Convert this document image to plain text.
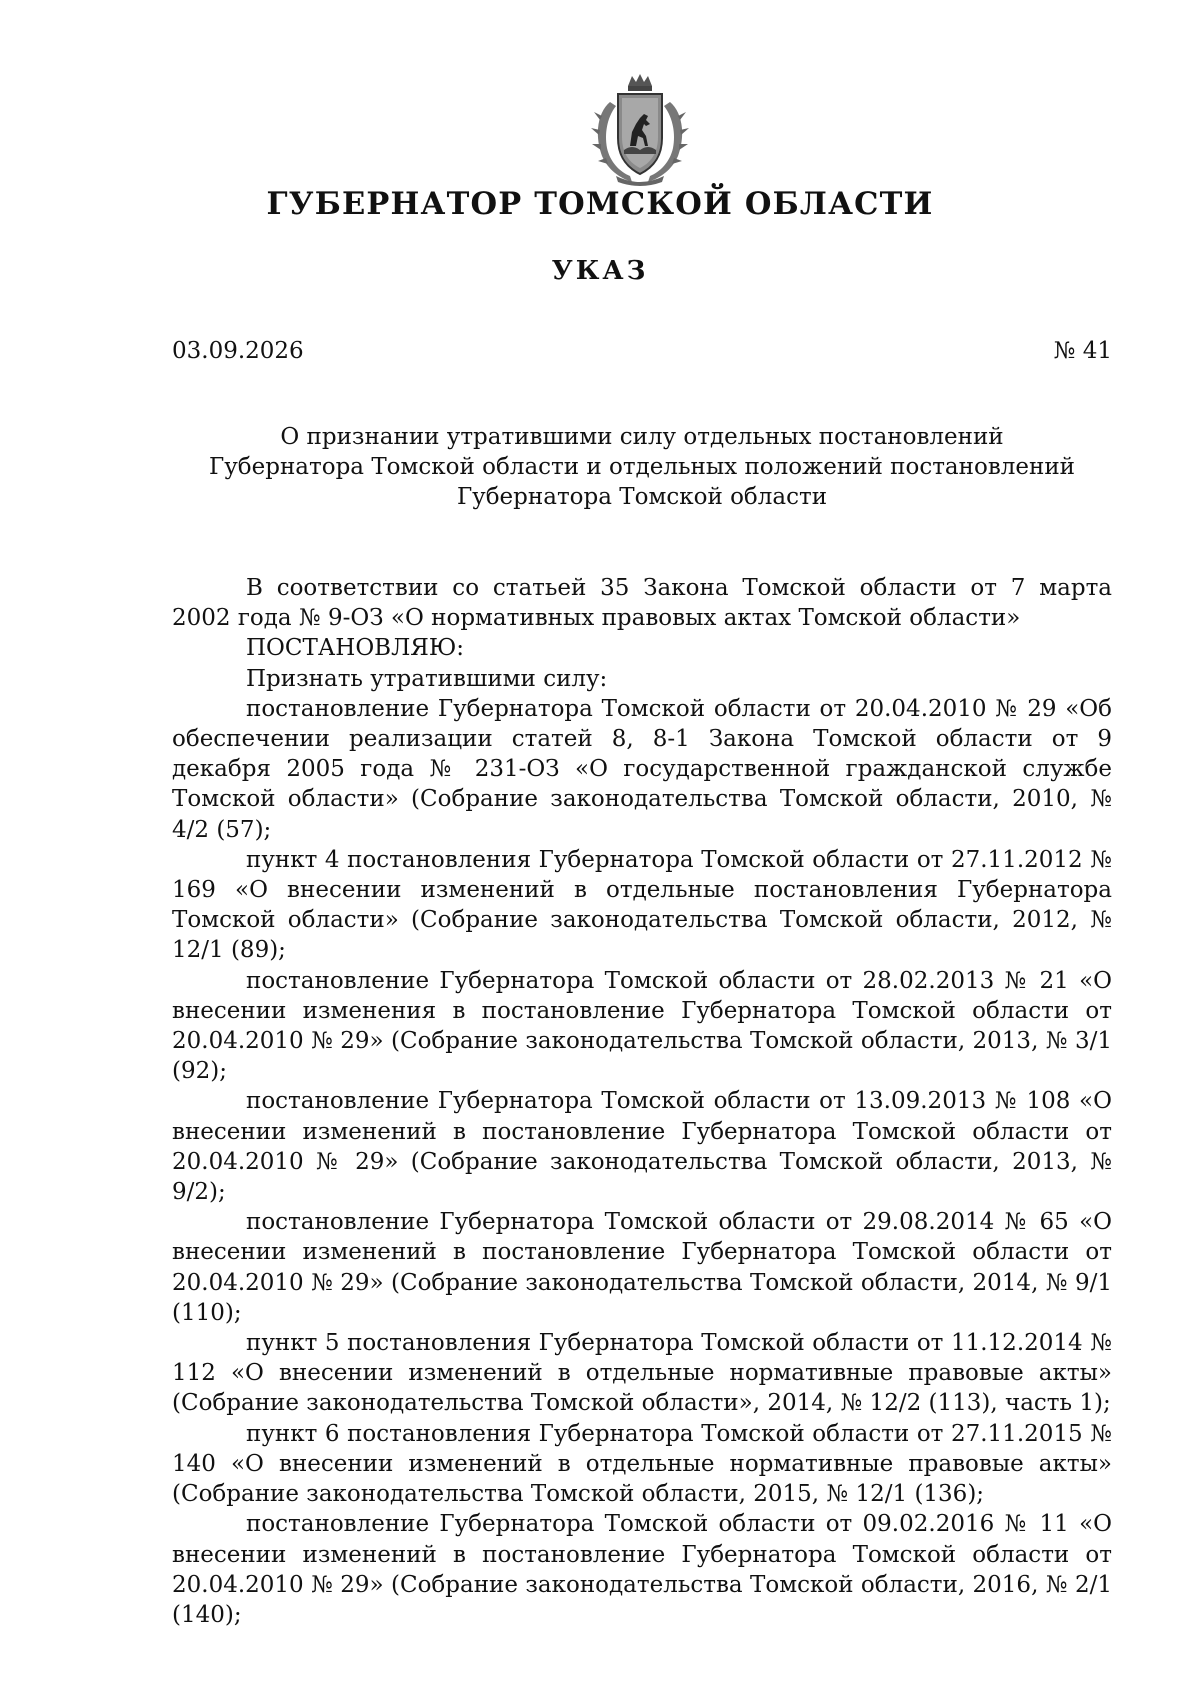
ГУБЕРНАТОР ТОМСКОЙ ОБЛАСТИ
УКАЗ
03.09.2026	№ 41
О признании утратившими силу отдельных постановлений
Губернатора Томской области и отдельных положений постановлений
Губернатора Томской области

В соответствии со статьей 35 Закона Томской области от 7 марта 2002 года № 9-ОЗ «О нормативных правовых актах Томской области»

ПОСТАНОВЛЯЮ:

Признать утратившими силу:

постановление Губернатора Томской области от 20.04.2010 № 29 «Об обеспечении реализации статей 8, 8-1 Закона Томской области от 9 декабря 2005 года № 231-ОЗ «О государственной гражданской службе Томской области» (Собрание законодательства Томской области, 2010, № 4/2 (57);

пункт 4 постановления Губернатора Томской области от 27.11.2012 № 169 «О внесении изменений в отдельные постановления Губернатора Томской области» (Собрание законодательства Томской области, 2012, № 12/1 (89);

постановление Губернатора Томской области от 28.02.2013 № 21 «О внесении изменения в постановление Губернатора Томской области от 20.04.2010 № 29» (Собрание законодательства Томской области, 2013, № 3/1 (92);

постановление Губернатора Томской области от 13.09.2013 № 108 «О внесении изменений в постановление Губернатора Томской области от 20.04.2010 № 29» (Собрание законодательства Томской области, 2013, № 9/2);

постановление Губернатора Томской области от 29.08.2014 № 65 «О внесении изменений в постановление Губернатора Томской области от 20.04.2010 № 29» (Собрание законодательства Томской области, 2014, № 9/1 (110);

пункт 5 постановления Губернатора Томской области от 11.12.2014 № 112 «О внесении изменений в отдельные нормативные правовые акты» (Собрание законодательства Томской области», 2014, № 12/2 (113), часть 1);

пункт 6 постановления Губернатора Томской области от 27.11.2015 № 140 «О внесении изменений в отдельные нормативные правовые акты» (Собрание законодательства Томской области, 2015, № 12/1 (136);

постановление Губернатора Томской области от 09.02.2016 № 11 «О внесении изменений в постановление Губернатора Томской области от 20.04.2010 № 29» (Собрание законодательства Томской области, 2016, № 2/1 (140);
